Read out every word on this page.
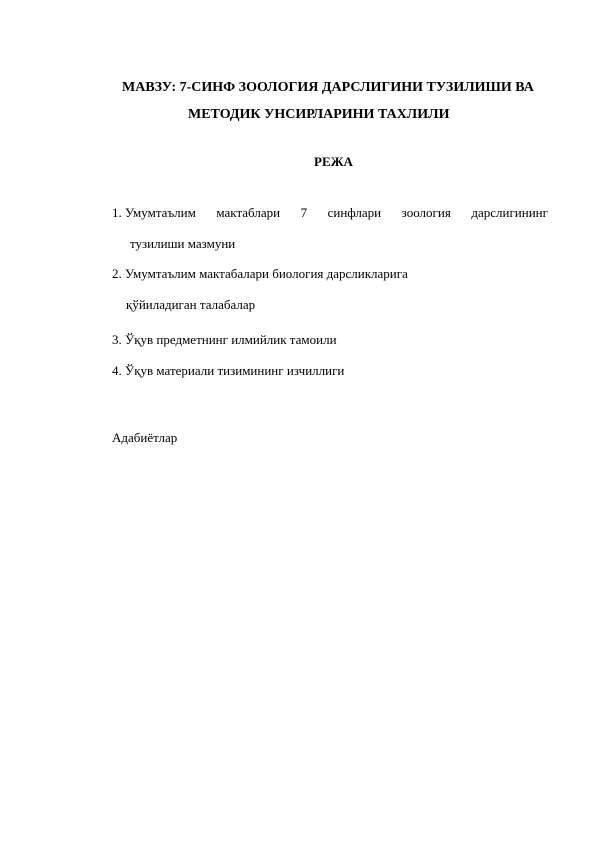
МАВЗУ: 7-СИНФ ЗООЛОГИЯ ДАРСЛИГИНИ ТУЗИЛИШИ ВА
МЕТОДИК УНСИРЛАРИНИ ТАХЛИЛИ
РЕЖА
1. Умумтаълим мактаблари 7 синфлари зоология дарслигининг
тузилиши мазмуни
2. Умумтаълим мактабалари биология дарсликларига
қўйиладиган талабалар
3. Ўқув предметнинг илмийлик тамоили
4. Ўқув материали тизимининг изчиллиги
Адабиётлар
